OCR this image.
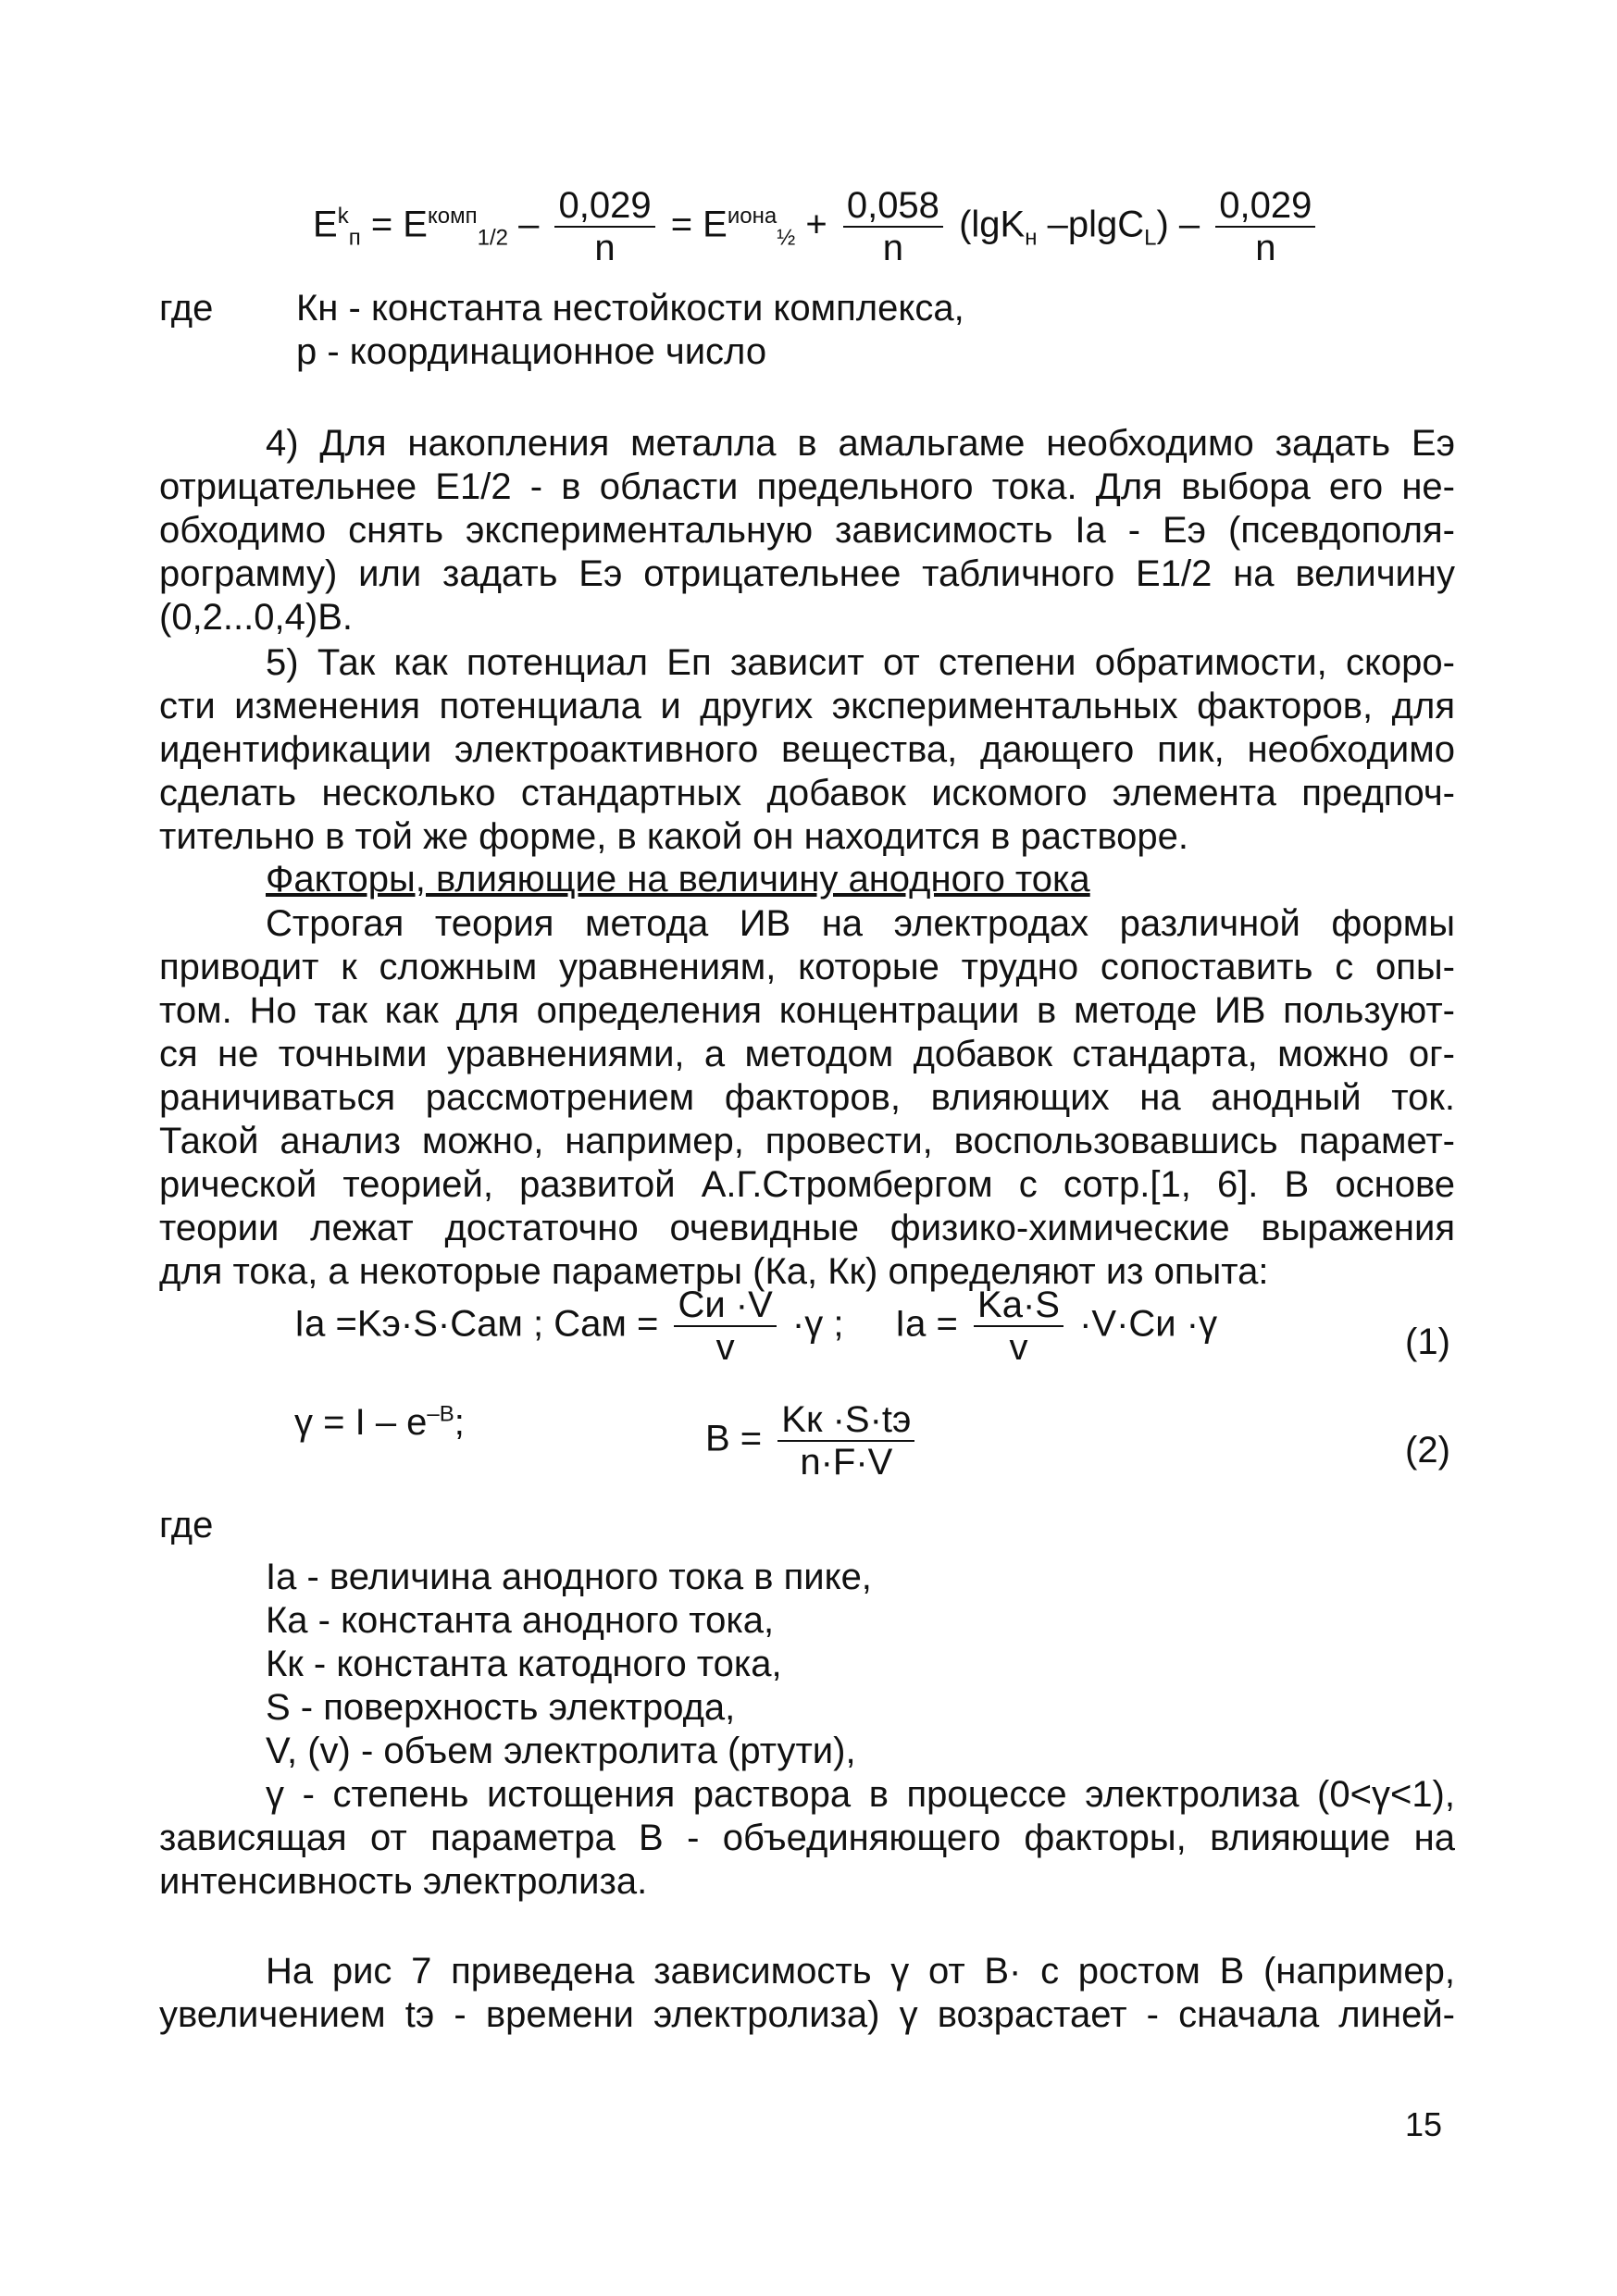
$E^k_п = E^{комп}_{1/2} - \frac{0,029}{n} = E^{иона}_{\frac{1}{2}} + \frac{0,058}{n} (\lg K_н$ $-plgC_L) - \frac{0,029}{n}$
где Кн - константа нестойкости комплекса,
р - координационное число
4) Для накопления металла в амальгаме необходимо задать Eэ
отрицательнее E1/2 - в области предельного тока. Для выбора его не-
обходимо снять экспериментальную зависимость Iа - Eэ (псевдополя-
рограмму) или задать Eэ отрицательнее табличного E1/2 на величину
(0,2...0,4)В.
5) Так как потенциал Eп зависит от степени обратимости, скоро-
сти изменения потенциала и других экспериментальных факторов, для
идентификации электроактивного вещества, дающего пик, необходимо
сделать несколько стандартных добавок искомого элемента предпоч-
тительно в той же форме, в какой он находится в растворе.
Факторы, влияющие на величину анодного тока
Строгая теория метода ИВ на электродах различной формы
приводит к сложным уравнениям, которые трудно сопоставить с опы-
том. Но так как для определения концентрации в методе ИВ пользуют-
ся не точными уравнениями, а методом добавок стандарта, можно ог-
раничиваться рассмотрением факторов, влияющих на анодный ток.
Такой анализ можно, например, провести, воспользовавшись парамет-
рической теорией, развитой А.Г.Стромбергом с сотр.[1, 6]. В основе
теории лежат достаточно очевидные физико-химические выражения
для тока, а некоторые параметры (Ка, Кк) определяют из опыта:
Iа =Kэ·S·Cам ; Cам = $\frac{Cи \cdot V}{v} \cdot\gamma$ ; Iа = $\frac{Kа\cdot S}{v} \cdot V\cdot Cи \cdot\gamma$	(1)
$\gamma = I - e^{-B}$;	$B = \frac{Kк \cdot S\cdot tэ}{n\cdot F\cdot V}$	(2)
где
Iа - величина анодного тока в пике,
Ка - константа анодного тока,
Кк - константа катодного тока,
S - поверхность электрода,
V, (v) - объем электролита (ртути),
γ - степень истощения раствора в процессе электролиза (0<γ<1),
зависящая от параметра В - объединяющего факторы, влияющие на
интенсивность электролиза.
На рис 7 приведена зависимость γ от В· с ростом В (например,
увеличением tэ - времени электролиза) γ возрастает - сначала линей-
15
